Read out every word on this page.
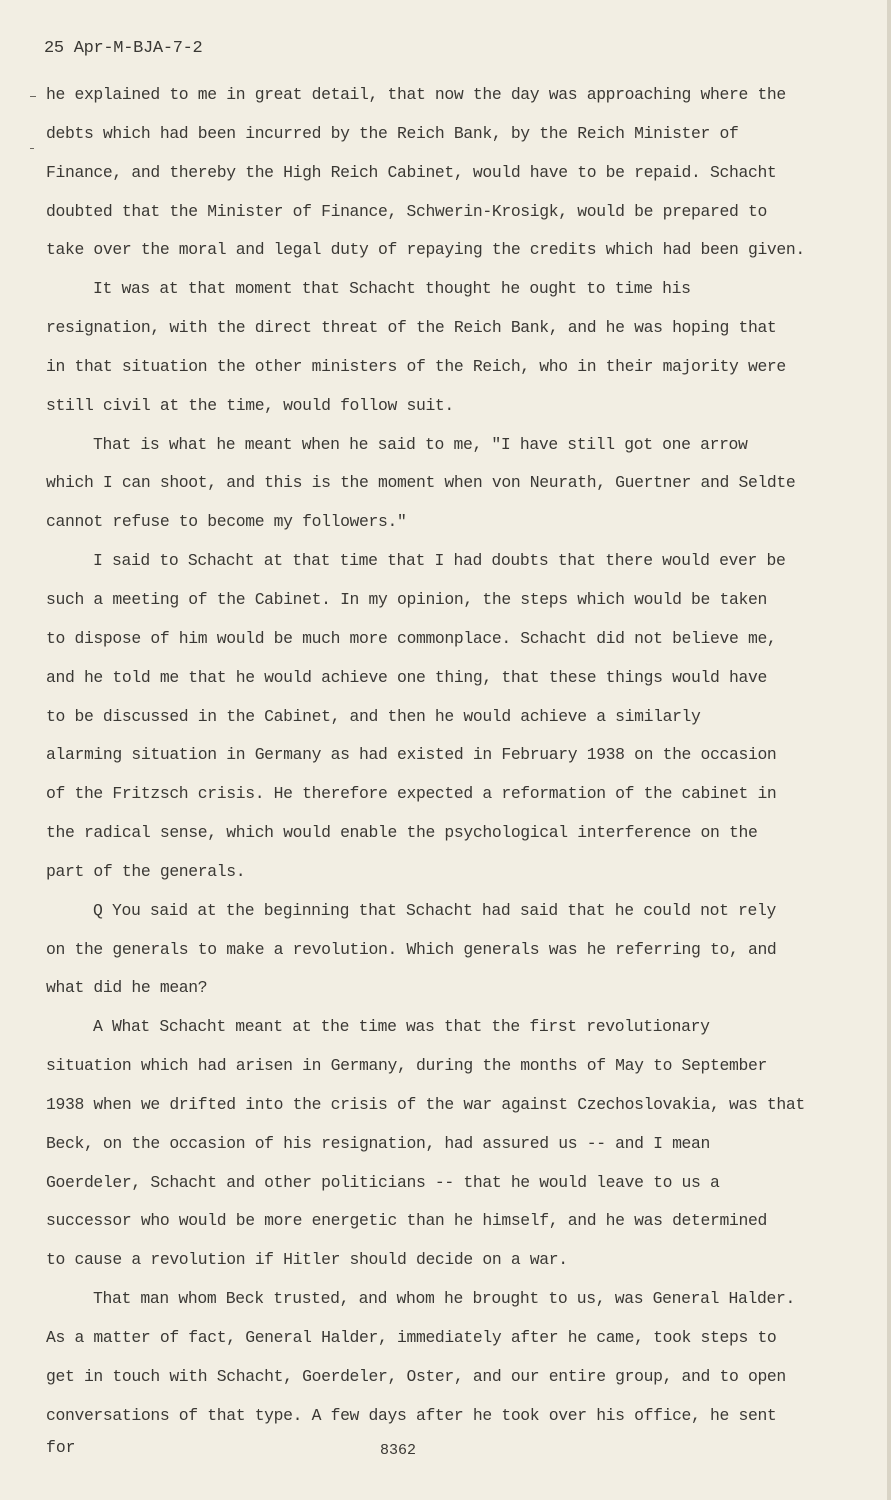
25 Apr-M-BJA-7-2

he explained to me in great detail, that now the day was approaching where the

debts which had been incurred by the Reich Bank, by the Reich Minister of

Finance, and thereby the High Reich Cabinet, would have to be repaid. Schacht

doubted that the Minister of Finance, Schwerin-Krosigk, would be prepared to

take over the moral and legal duty of repaying the credits which had been given.

It was at that moment that Schacht thought he ought to time his

resignation, with the direct threat of the Reich Bank, and he was hoping that

in that situation the other ministers of the Reich, who in their majority were

still civil at the time, would follow suit.

That is what he meant when he said to me, "I have still got one arrow

which I can shoot, and this is the moment when von Neurath, Guertner and Seldte

cannot refuse to become my followers."

I said to Schacht at that time that I had doubts that there would ever be

such a meeting of the Cabinet. In my opinion, the steps which would be taken

to dispose of him would be much more commonplace. Schacht did not believe me,

and he told me that he would achieve one thing, that these things would have

to be discussed in the Cabinet, and then he would achieve a similarly

alarming situation in Germany as had existed in February 1938 on the occasion

of the Fritzsch crisis. He therefore expected a reformation of the cabinet in

the radical sense, which would enable the psychological interference on the

part of the generals.

Q You said at the beginning that Schacht had said that he could not rely

on the generals to make a revolution. Which generals was he referring to, and

what did he mean?

A What Schacht meant at the time was that the first revolutionary

situation which had arisen in Germany, during the months of May to September

1938 when we drifted into the crisis of the war against Czechoslovakia, was that

Beck, on the occasion of his resignation, had assured us -- and I mean

Goerdeler, Schacht and other politicians -- that he would leave to us a

successor who would be more energetic than he himself, and he was determined

to cause a revolution if Hitler should decide on a war.

That man whom Beck trusted, and whom he brought to us, was General Halder.

As a matter of fact, General Halder, immediately after he came, took steps to

get in touch with Schacht, Goerdeler, Oster, and our entire group, and to open

conversations of that type. A few days after he took over his office, he sent

for	8362
